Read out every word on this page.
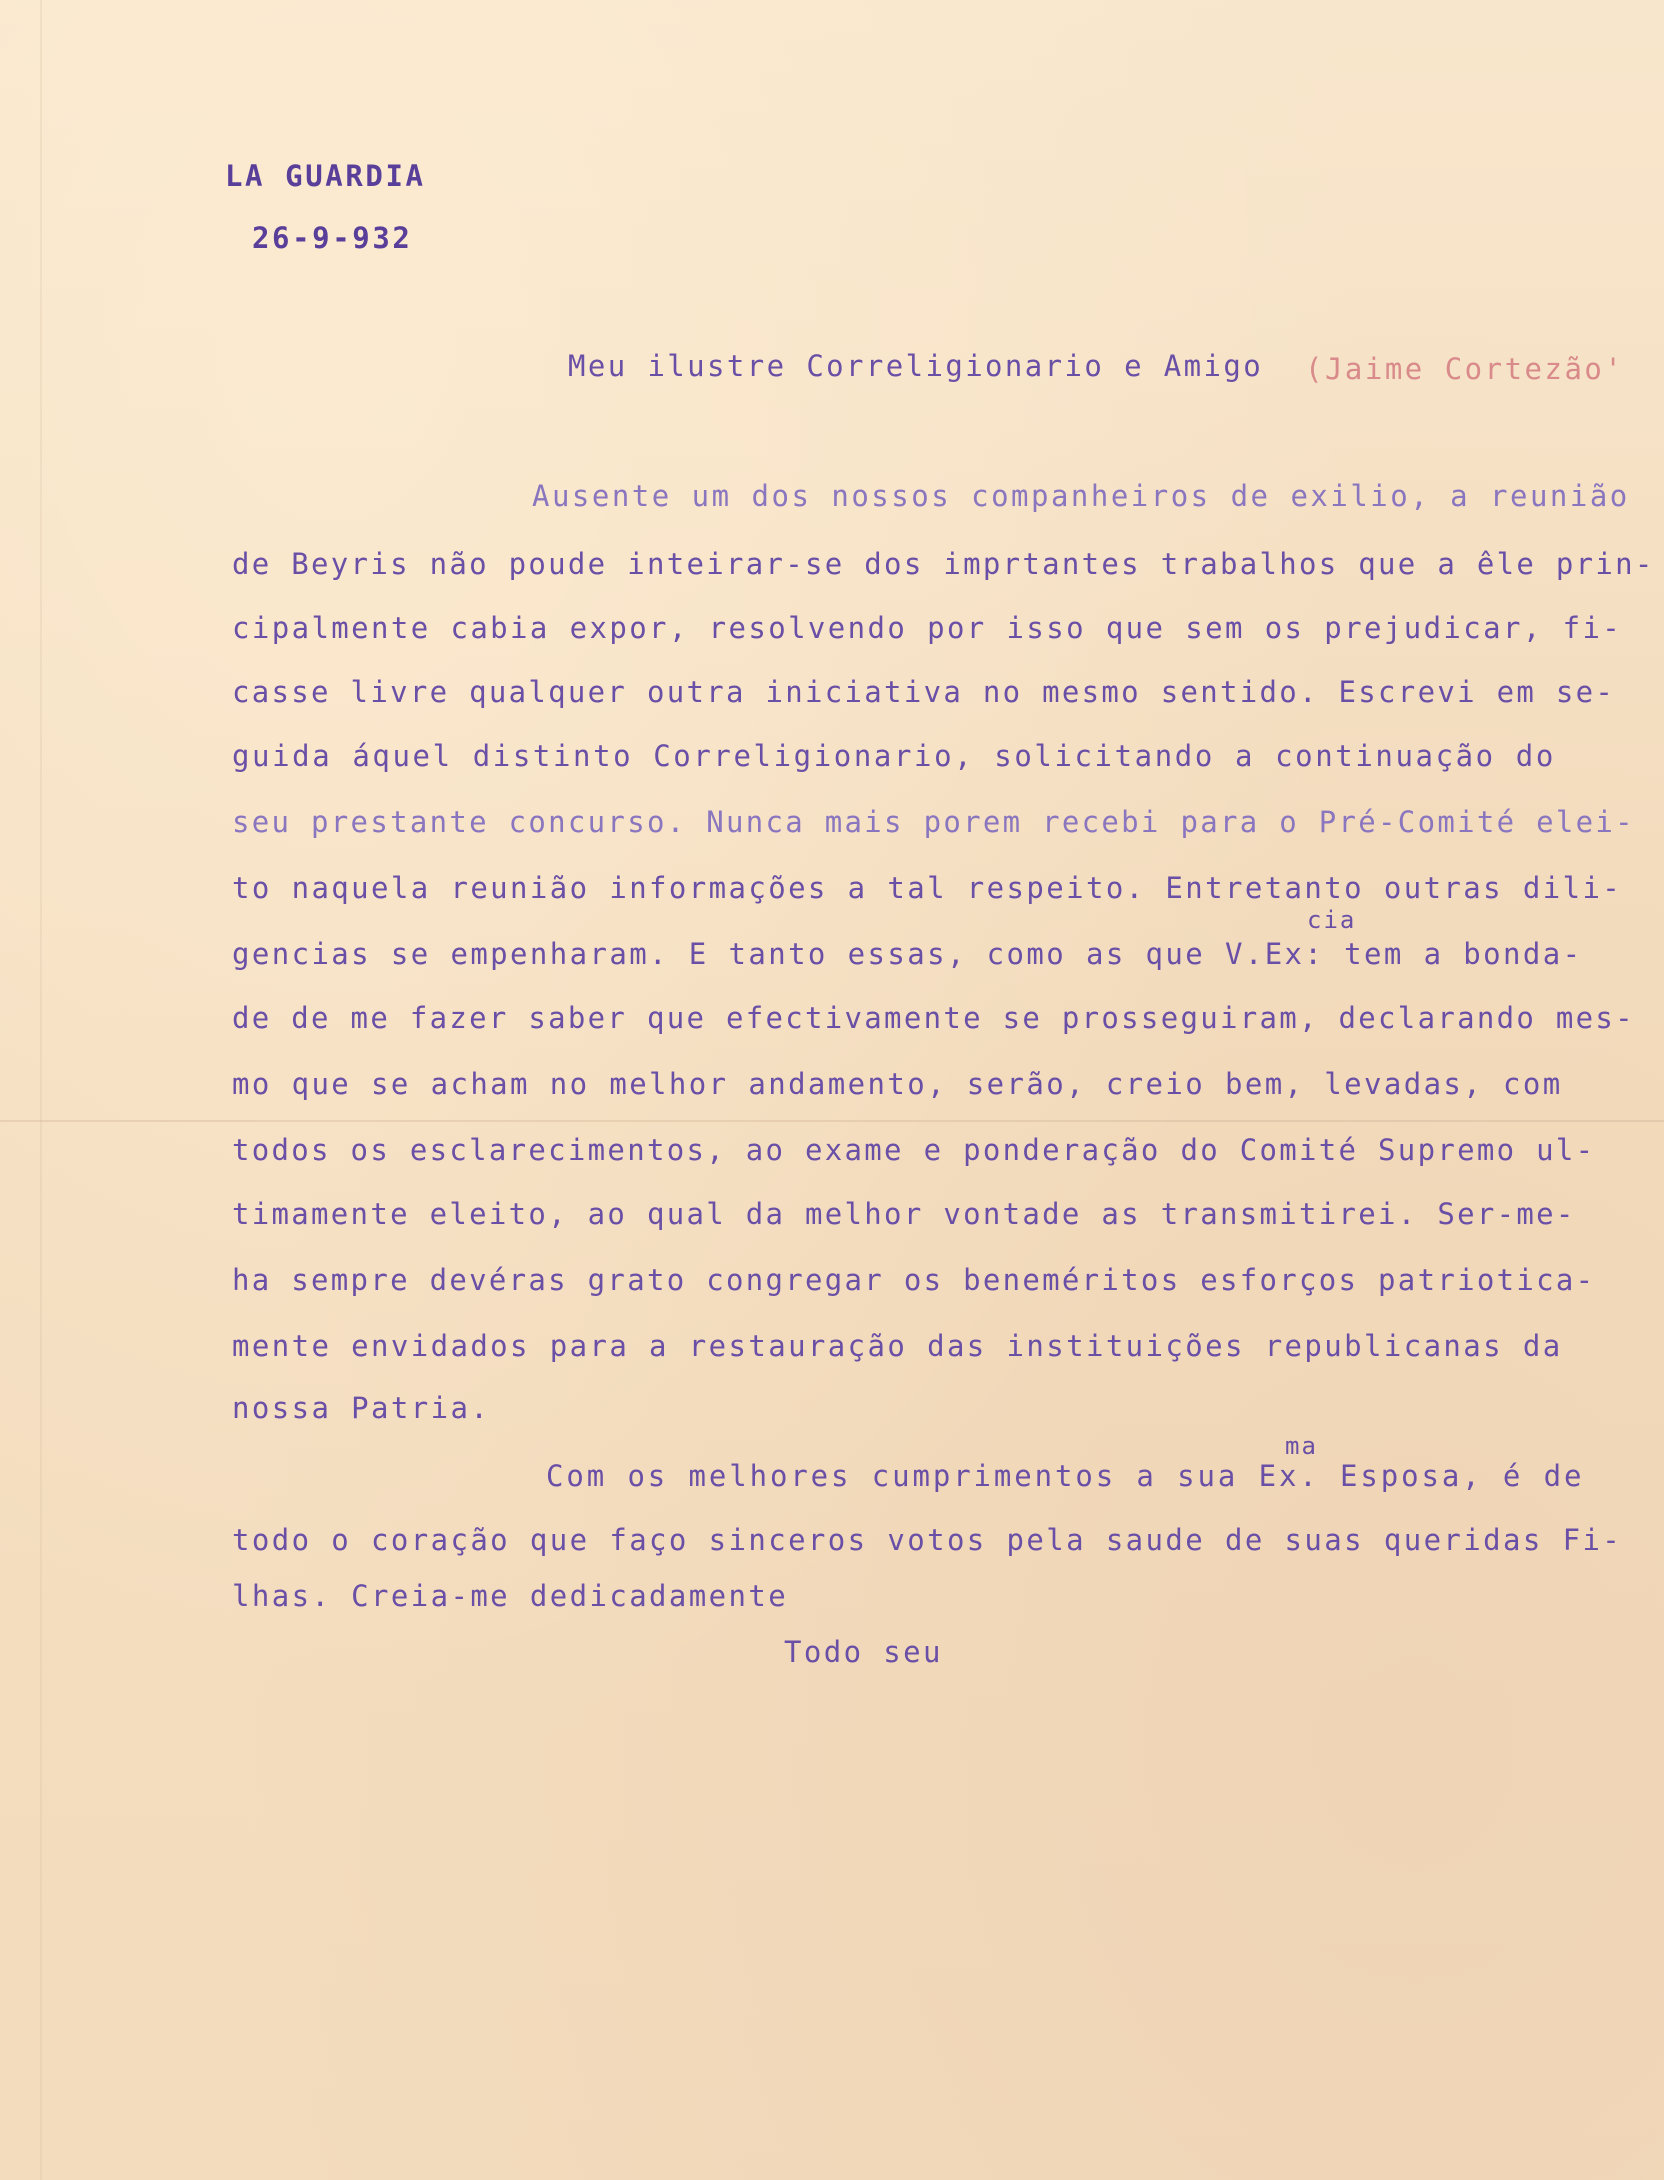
LA GUARDIA
26-9-932
Meu ilustre Correligionario e Amigo (Jaime Cortezão'
Ausente um dos nossos companheiros de exilio, a reunião
de Beyris não poude inteirar-se dos imprtantes trabalhos que a êle prin-
cipalmente cabia expor, resolvendo por isso que sem os prejudicar, fi-
casse livre qualquer outra iniciativa no mesmo sentido. Escrevi em se-
guida áquel distinto Correligionario, solicitando a continuação do
seu prestante concurso. Nunca mais porem recebi para o Pré-Comité elei-
to naquela reunião informações a tal respeito. Entretanto outras dili-
cia
gencias se empenharam. E tanto essas, como as que V.Ex: tem a bonda-
de de me fazer saber que efectivamente se prosseguiram, declarando mes-
mo que se acham no melhor andamento, serão, creio bem, levadas, com
todos os esclarecimentos, ao exame e ponderação do Comité Supremo ul-
timamente eleito, ao qual da melhor vontade as transmitirei. Ser-me-
ha sempre devéras grato congregar os beneméritos esforços patriotica-
mente envidados para a restauração das instituições republicanas da
nossa Patria.
ma
Com os melhores cumprimentos a sua Ex. Esposa, é de
todo o coração que faço sinceros votos pela saude de suas queridas Fi-
lhas. Creia-me dedicadamente
Todo seu
